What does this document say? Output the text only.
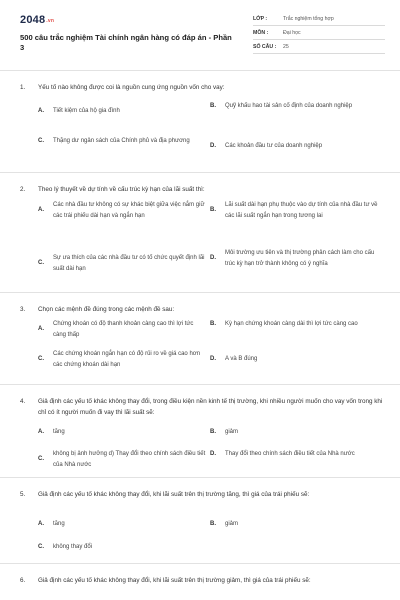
2048.vn
500 câu trắc nghiệm Tài chính ngân hàng có đáp án - Phần 3
LỚP :	Trắc nghiệm tổng hợp
MÔN :	Đại học
SỐ CÂU :	25
1.	Yếu tố nào không được coi là nguồn cung ứng nguồn vốn cho vay:
A.	Tiết kiệm của hộ gia đình
B.	Quỹ khấu hao tài sản cố định của doanh nghiệp
C.	Thặng dư ngân sách của Chính phủ và địa phương
D.	Các khoản đầu tư của doanh nghiệp
2.	Theo lý thuyết về dự tính về cấu trúc kỳ hạn của lãi suất thì:
A.
Các nhà đầu tư không có sự khác biệt giữa việc nắm giữ các trái phiếu dài hạn và ngắn hạn
B.
Lãi suất dài hạn phụ thuộc vào dự tính của nhà đầu tư về các lãi suất ngắn hạn trong tương lai
C.
Sự ưa thích của các nhà đầu tư có tố chức quyết định lãi suất dài hạn
D.
Môi trường ưu tiên và thị trường phân cách làm cho cấu trúc kỳ hạn trở thành không có ý nghĩa
3.	Chọn các mệnh đề đúng trong các mệnh đề sau:
A.
Chứng khoán có độ thanh khoản càng cao thì lợi tức càng thấp
B.	Kỳ hạn chứng khoán càng dài thì lợi tức càng cao
C.
Các chứng khoán ngắn hạn có độ rủi ro về giá cao hơn các chứng khoán dài hạn
D.	A và B đúng
4.	Giả định các yếu tố khác không thay đổi, trong điều kiện nền kinh tế thị trường, khi nhiều người muốn cho vay vốn trong khi chỉ có ít người muốn đi vay thì lãi suất sẽ:
A.	tăng	B.	giảm
C.
không bị ảnh hưởng d) Thay đổi theo chính sách điều tiết của Nhà nước
D.	Thay đổi theo chính sách điều tiết của Nhà nước
5.	Giả định các yếu tố khác không thay đổi, khi lãi suất trên thị trường tăng, thì giá của trái phiếu sẽ:
A.	tăng	B.	giảm
C.	không thay đổi
6.	Giả định các yếu tố khác không thay đổi, khi lãi suất trên thị trường giảm, thì giá của trái phiếu sẽ:
